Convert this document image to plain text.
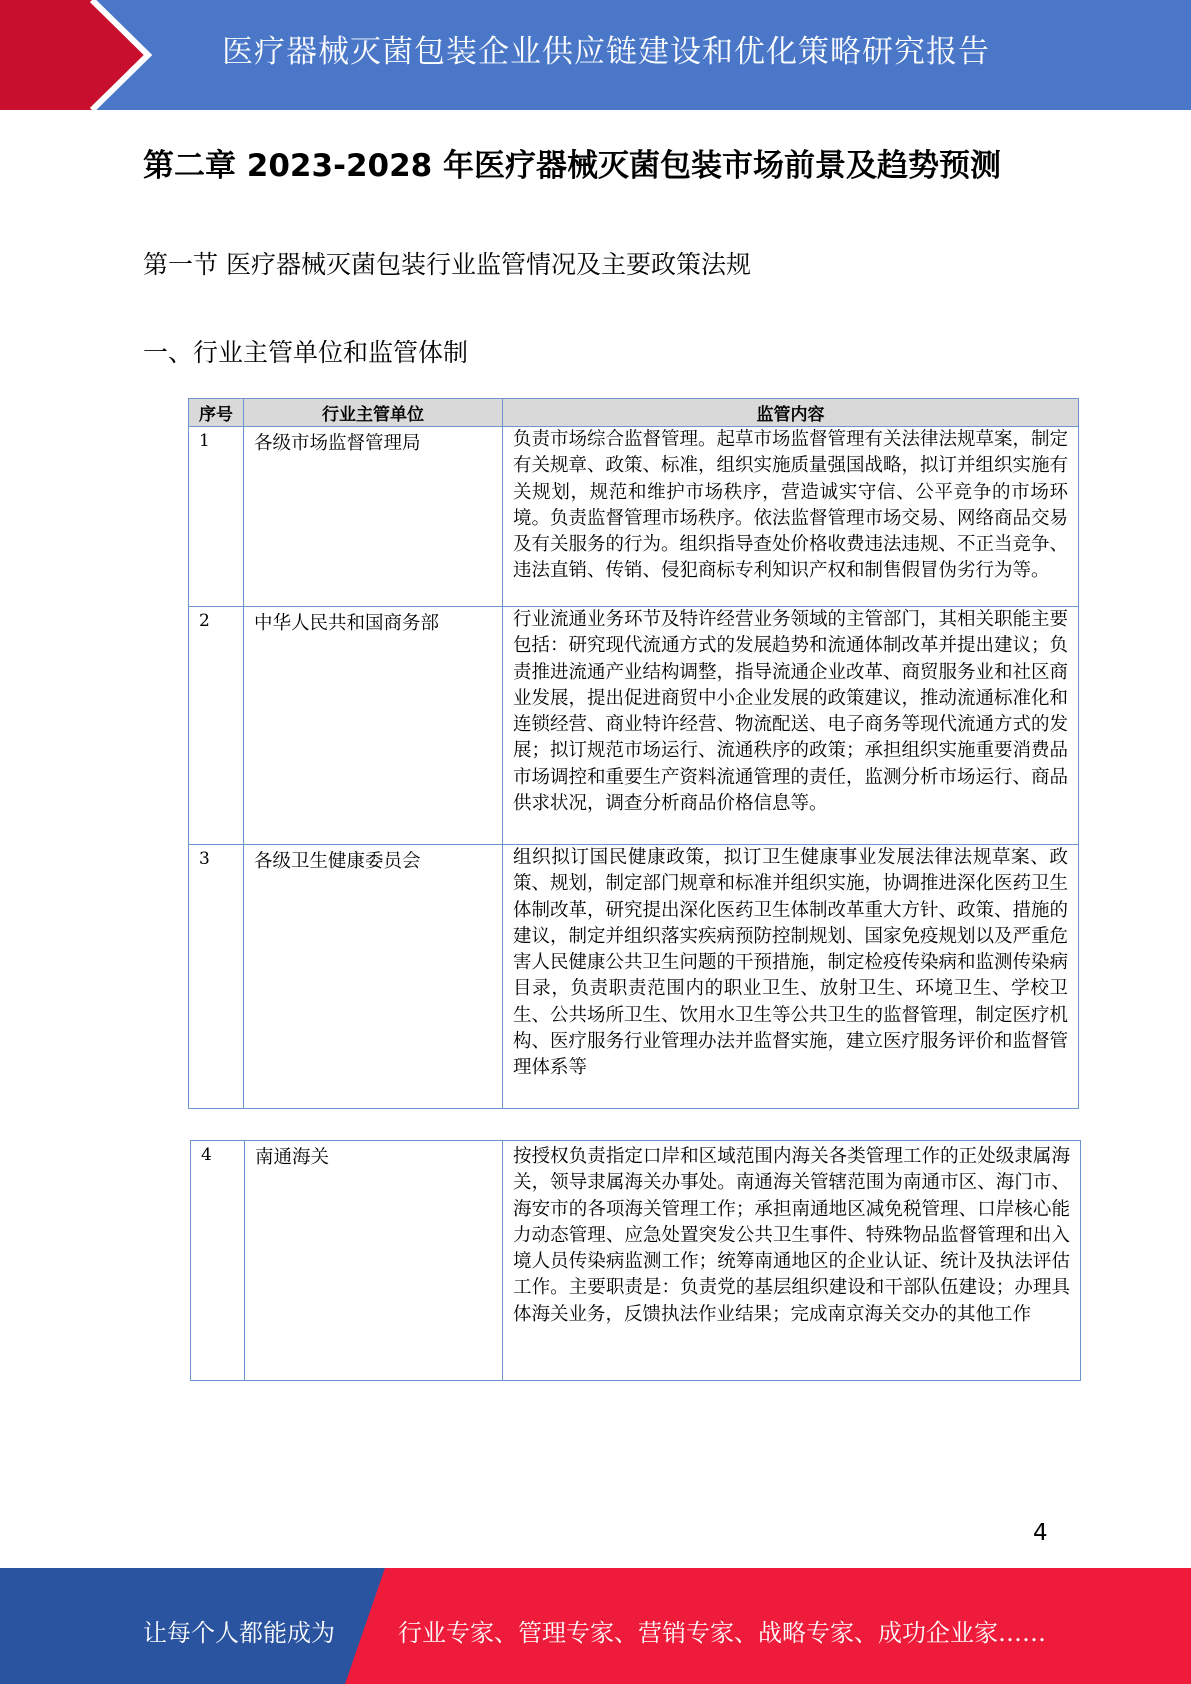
医疗器械灭菌包装企业供应链建设和优化策略研究报告
第二章 2023-2028 年医疗器械灭菌包装市场前景及趋势预测
第一节 医疗器械灭菌包装行业监管情况及主要政策法规
一、行业主管单位和监管体制
序号	行业主管单位	监管内容
1	各级市场监督管理局	负责市场综合监督管理。起草市场监督管理有关法律法规草案，制定有关规章、政策、标准，组织实施质量强国战略，拟订并组织实施有关规划，规范和维护市场秩序，营造诚实守信、公平竞争的市场环境。负责监督管理市场秩序。依法监督管理市场交易、网络商品交易及有关服务的行为。组织指导查处价格收费违法违规、不正当竞争、违法直销、传销、侵犯商标专利知识产权和制售假冒伪劣行为等。
2	中华人民共和国商务部	行业流通业务环节及特许经营业务领域的主管部门，其相关职能主要包括：研究现代流通方式的发展趋势和流通体制改革并提出建议；负责推进流通产业结构调整，指导流通企业改革、商贸服务业和社区商业发展，提出促进商贸中小企业发展的政策建议，推动流通标准化和连锁经营、商业特许经营、物流配送、电子商务等现代流通方式的发展；拟订规范市场运行、流通秩序的政策；承担组织实施重要消费品市场调控和重要生产资料流通管理的责任，监测分析市场运行、商品供求状况，调查分析商品价格信息等。
3	各级卫生健康委员会	组织拟订国民健康政策，拟订卫生健康事业发展法律法规草案、政策、规划，制定部门规章和标准并组织实施，协调推进深化医药卫生体制改革，研究提出深化医药卫生体制改革重大方针、政策、措施的建议，制定并组织落实疾病预防控制规划、国家免疫规划以及严重危害人民健康公共卫生问题的干预措施，制定检疫传染病和监测传染病目录，负责职责范围内的职业卫生、放射卫生、环境卫生、学校卫生、公共场所卫生、饮用水卫生等公共卫生的监督管理，制定医疗机构、医疗服务行业管理办法并监督实施，建立医疗服务评价和监督管理体系等
4	南通海关	按授权负责指定口岸和区域范围内海关各类管理工作的正处级隶属海关，领导隶属海关办事处。南通海关管辖范围为南通市区、海门市、海安市的各项海关管理工作；承担南通地区减免税管理、口岸核心能力动态管理、应急处置突发公共卫生事件、特殊物品监督管理和出入境人员传染病监测工作；统筹南通地区的企业认证、统计及执法评估工作。主要职责是：负责党的基层组织建设和干部队伍建设；办理具体海关业务，反馈执法作业结果；完成南京海关交办的其他工作
4
让每个人都能成为	行业专家、管理专家、营销专家、战略专家、成功企业家……
